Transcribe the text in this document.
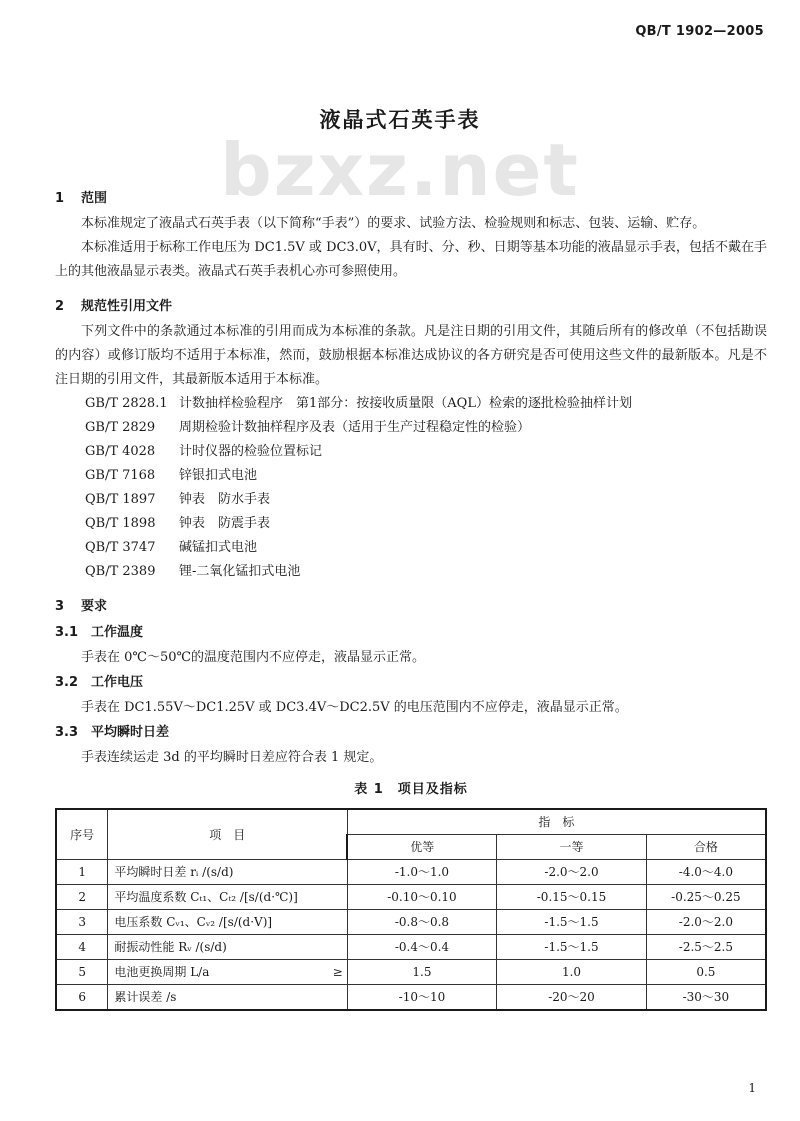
QB/T 1902—2005
bzxz.net
液晶式石英手表
1 范围

本标准规定了液晶式石英手表（以下简称“手表”）的要求、试验方法、检验规则和标志、包装、运输、贮存。

本标准适用于标称工作电压为 DC1.5V 或 DC3.0V，具有时、分、秒、日期等基本功能的液晶显示手表，包括不戴在手上的其他液晶显示表类。液晶式石英手表机心亦可参照使用。

2 规范性引用文件

下列文件中的条款通过本标准的引用而成为本标准的条款。凡是注日期的引用文件，其随后所有的修改单（不包括勘误的内容）或修订版均不适用于本标准，然而，鼓励根据本标准达成协议的各方研究是否可使用这些文件的最新版本。凡是不注日期的引用文件，其最新版本适用于本标准。

GB/T 2828.1 计数抽样检验程序　第1部分：按接收质量限（AQL）检索的逐批检验抽样计划
GB/T 2829 周期检验计数抽样程序及表（适用于生产过程稳定性的检验）
GB/T 4028 计时仪器的检验位置标记
GB/T 7168 锌银扣式电池
QB/T 1897 钟表　防水手表
QB/T 1898 钟表　防震手表
QB/T 3747 碱锰扣式电池
QB/T 2389 锂-二氧化锰扣式电池
3 要求
3.1 工作温度

手表在 0℃～50℃的温度范围内不应停走，液晶显示正常。

3.2 工作电压

手表在 DC1.55V～DC1.25V 或 DC3.4V～DC2.5V 的电压范围内不应停走，液晶显示正常。

3.3 平均瞬时日差

手表连续运走 3d 的平均瞬时日差应符合表 1 规定。

表 1　项目及指标
序号	项　目	指　标		
		优等	一等	合格
1	平均瞬时日差 rᵢ /(s/d)	-1.0～1.0	-2.0～2.0	-4.0～4.0
2	平均温度系数 Cₜ₁、Cₜ₂ /[s/(d·℃)]	-0.10～0.10	-0.15～0.15	-0.25～0.25
3	电压系数 Cᵥ₁、Cᵥ₂ /[s/(d·V)]	-0.8～0.8	-1.5～1.5	-2.0～2.0
4	耐振动性能 Rᵥ /(s/d)	-0.4～0.4	-1.5～1.5	-2.5～2.5
5	电池更换周期 L/a ≥	1.5	1.0	0.5
6	累计误差 /s	-10～10	-20～20	-30～30
1
